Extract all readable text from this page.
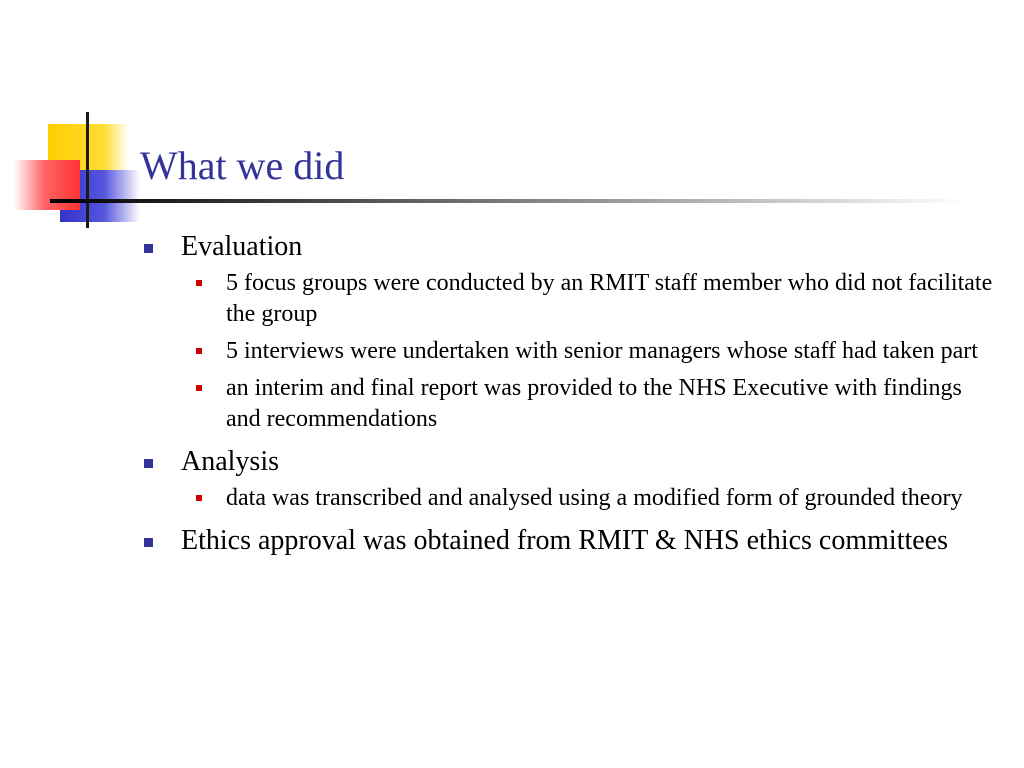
What we did
Evaluation
5 focus groups were conducted by an RMIT staff member who did not facilitate the group
5 interviews were undertaken with senior managers whose staff had taken part
an interim and final report was provided to the NHS Executive with findings and recommendations
Analysis
data was transcribed and analysed using a modified form of grounded theory
Ethics approval was obtained from RMIT & NHS ethics committees
